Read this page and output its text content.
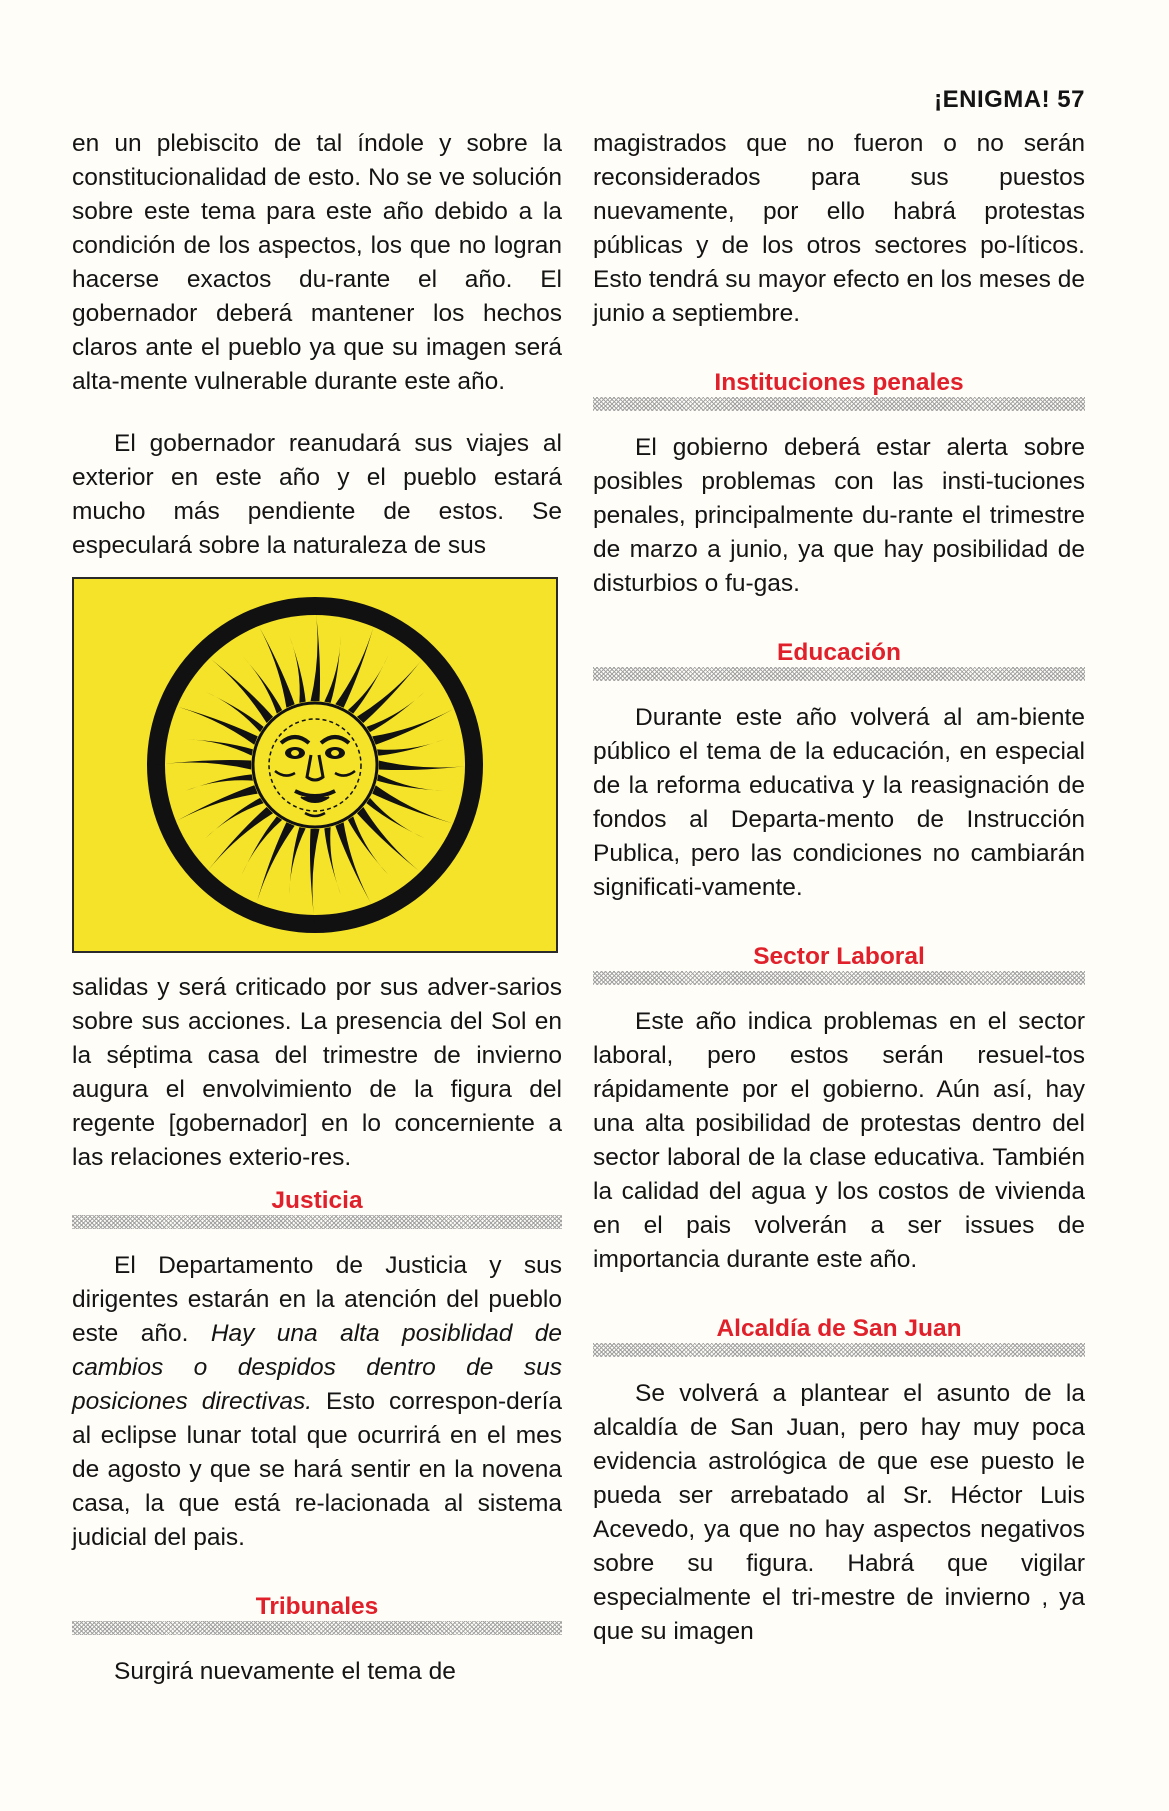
¡ENIGMA! 57

en un plebiscito de tal índole y sobre la constitucionalidad de esto. No se ve solución sobre este tema para este año debido a la condición de los aspectos, los que no logran hacerse exactos du-rante el año. El gobernador deberá mantener los hechos claros ante el pueblo ya que su imagen será alta-mente vulnerable durante este año.

El gobernador reanudará sus viajes al exterior en este año y el pueblo estará mucho más pendiente de estos. Se especulará sobre la naturaleza de sus

salidas y será criticado por sus adver-sarios sobre sus acciones. La presencia del Sol en la séptima casa del trimestre de invierno augura el envolvimiento de la figura del regente [gobernador] en lo concerniente a las relaciones exterio-res.

Justicia

El Departamento de Justicia y sus dirigentes estarán en la atención del pueblo este año. Hay una alta posiblidad de cambios o despidos dentro de sus posiciones directivas. Esto correspon-dería al eclipse lunar total que ocurrirá en el mes de agosto y que se hará sentir en la novena casa, la que está re-lacionada al sistema judicial del pais.

Tribunales

Surgirá nuevamente el tema de

magistrados que no fueron o no serán reconsiderados para sus puestos nuevamente, por ello habrá protestas públicas y de los otros sectores po-líticos. Esto tendrá su mayor efecto en los meses de junio a septiembre.

Instituciones penales

El gobierno deberá estar alerta sobre posibles problemas con las insti-tuciones penales, principalmente du-rante el trimestre de marzo a junio, ya que hay posibilidad de disturbios o fu-gas.

Educación

Durante este año volverá al am-biente público el tema de la educación, en especial de la reforma educativa y la reasignación de fondos al Departa-mento de Instrucción Publica, pero las condiciones no cambiarán significati-vamente.

Sector Laboral

Este año indica problemas en el sector laboral, pero estos serán resuel-tos rápidamente por el gobierno. Aún así, hay una alta posibilidad de protestas dentro del sector laboral de la clase educativa. También la calidad del agua y los costos de vivienda en el pais volverán a ser issues de importancia durante este año.

Alcaldía de San Juan

Se volverá a plantear el asunto de la alcaldía de San Juan, pero hay muy poca evidencia astrológica de que ese puesto le pueda ser arrebatado al Sr. Héctor Luis Acevedo, ya que no hay aspectos negativos sobre su figura. Habrá que vigilar especialmente el tri-mestre de invierno , ya que su imagen
